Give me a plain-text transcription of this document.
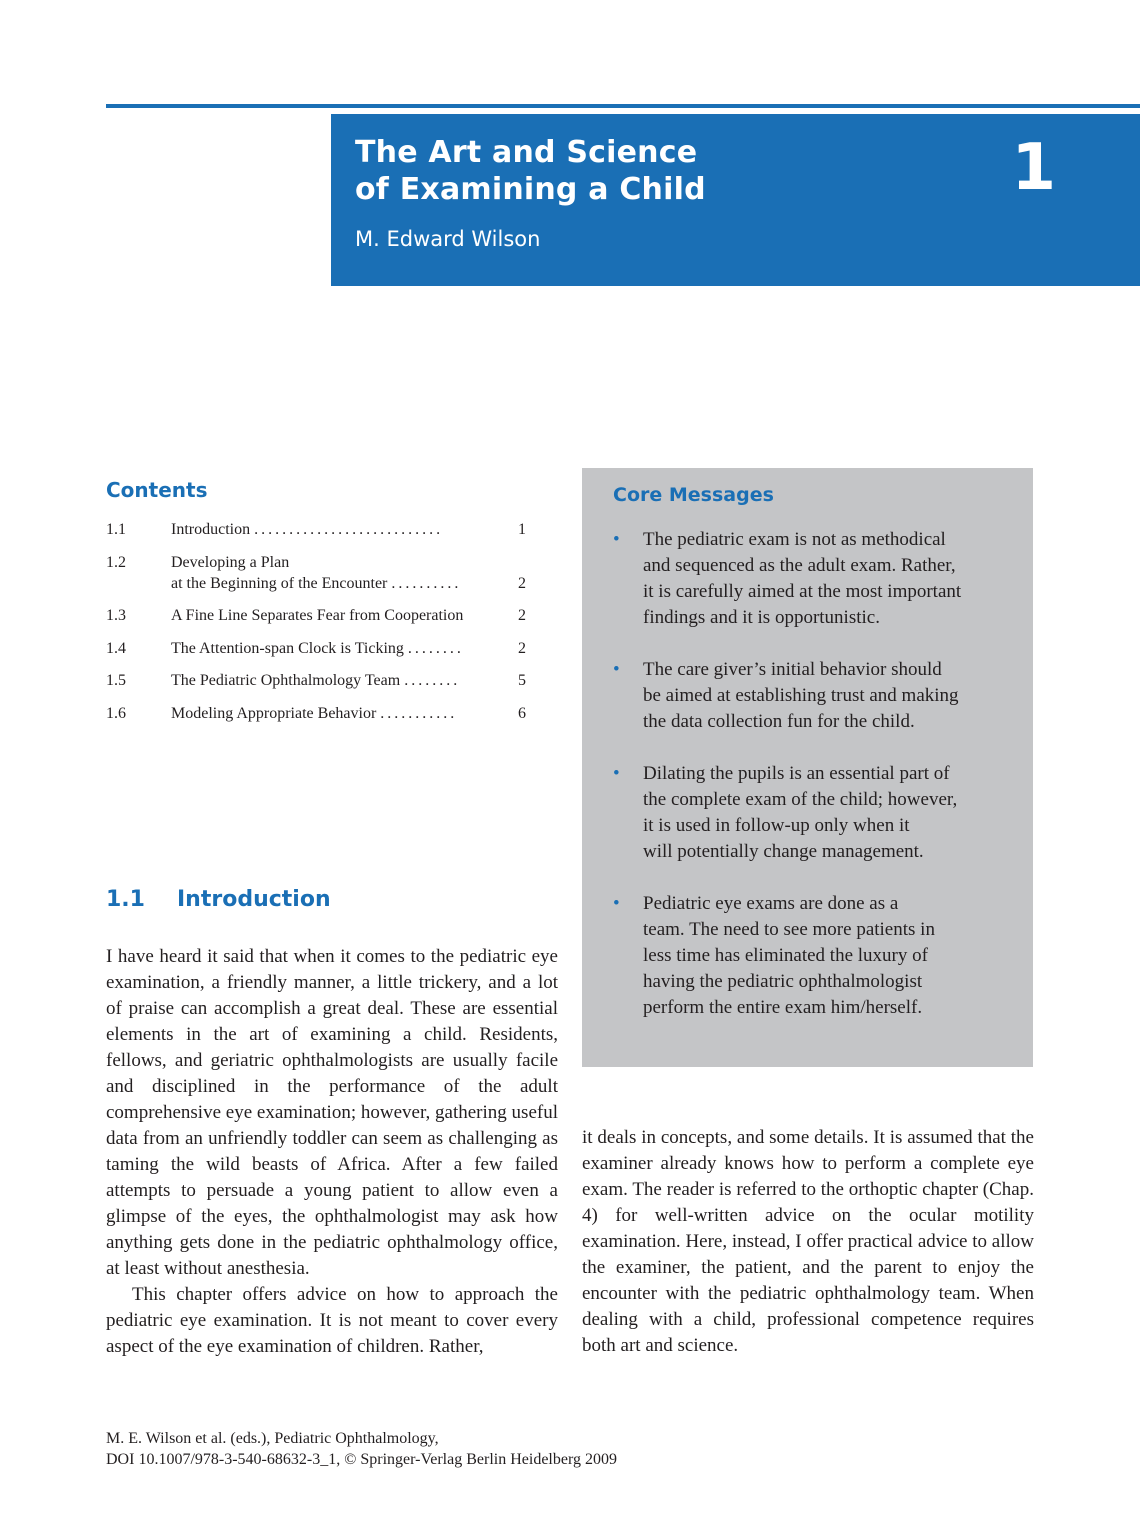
The Art and Science
of Examining a Child
M. Edward Wilson
1
Contents
1.1	Introduction ...........................	1
1.2	Developing a Plan
at the Beginning of the Encounter ..........	2
1.3	A Fine Line Separates Fear from Cooperation	2
1.4	The Attention-span Clock is Ticking ........	2
1.5	The Pediatric Ophthalmology Team ........	5
1.6	Modeling Appropriate Behavior ...........	6
Core Messages
• The pediatric exam is not as methodical
and sequenced as the adult exam. Rather,
it is carefully aimed at the most important
findings and it is opportunistic.
• The care giver’s initial behavior should
be aimed at establishing trust and making
the data collection fun for the child.
• Dilating the pupils is an essential part of
the complete exam of the child; however,
it is used in follow-up only when it
will potentially change management.
• Pediatric eye exams are done as a
team. The need to see more patients in
less time has eliminated the luxury of
having the pediatric ophthalmologist
perform the entire exam him/herself.
1.1 Introduction

I have heard it said that when it comes to the pediatric eye examination, a friendly manner, a little trickery, and a lot of praise can accomplish a great deal. These are essential elements in the art of examining a child. Residents, fellows, and geriatric ophthalmologists are usually facile and disciplined in the performance of the adult comprehensive eye examination; however, gathering useful data from an unfriendly toddler can seem as challenging as taming the wild beasts of Africa. After a few failed attempts to persuade a young patient to allow even a glimpse of the eyes, the ophthalmologist may ask how anything gets done in the pediatric ophthalmology office, at least without anesthesia.

This chapter offers advice on how to approach the pediatric eye examination. It is not meant to cover every aspect of the eye examination of children. Rather,

it deals in concepts, and some details. It is assumed that the examiner already knows how to perform a complete eye exam. The reader is referred to the orthoptic chapter (Chap. 4) for well-written advice on the ocular motility examination. Here, instead, I offer practical advice to allow the examiner, the patient, and the parent to enjoy the encounter with the pediatric ophthalmology team. When dealing with a child, professional competence requires both art and science.

M. E. Wilson et al. (eds.), Pediatric Ophthalmology,
DOI 10.1007/978-3-540-68632-3_1, © Springer-Verlag Berlin Heidelberg 2009
